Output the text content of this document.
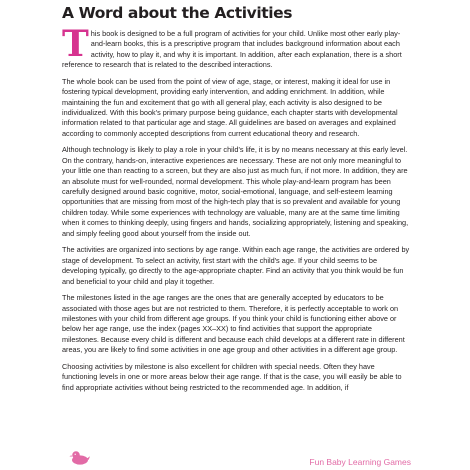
A Word about the Activities

This book is designed to be a full program of activities for your child. Unlike most other early play-and-learn books, this is a prescriptive program that includes background information about each activity, how to play it, and why it is important. In addition, after each explanation, there is a short reference to research that is related to the described interactions.

The whole book can be used from the point of view of age, stage, or interest, making it ideal for use in fostering typical development, providing early intervention, and adding enrichment. In addition, while maintaining the fun and excitement that go with all general play, each activity is also designed to be individualized. With this book's primary purpose being guidance, each chapter starts with developmental information related to that particular age and stage. All guidelines are based on averages and explained according to commonly accepted descriptions from current educational theory and research.

Although technology is likely to play a role in your child's life, it is by no means necessary at this early level. On the contrary, hands-on, interactive experiences are necessary. These are not only more meaningful to your little one than reacting to a screen, but they are also just as much fun, if not more. In addition, they are an absolute must for well-rounded, normal development. This whole play-and-learn program has been carefully designed around basic cognitive, motor, social-emotional, language, and self-esteem learning opportunities that are missing from most of the high-tech play that is so prevalent and available for young children today. While some experiences with technology are valuable, many are at the same time limiting when it comes to thinking deeply, using fingers and hands, socializing appropriately, listening and speaking, and simply feeling good about yourself from the inside out.

The activities are organized into sections by age range. Within each age range, the activities are ordered by stage of development. To select an activity, first start with the child's age. If your child seems to be developing typically, go directly to the age-appropriate chapter. Find an activity that you think would be fun and beneficial to your child and play it together.

The milestones listed in the age ranges are the ones that are generally accepted by educators to be associated with those ages but are not restricted to them. Therefore, it is perfectly acceptable to work on milestones with your child from different age groups. If you think your child is functioning either above or below her age range, use the index (pages XX–XX) to find activities that support the appropriate milestones. Because every child is different and because each child develops at a different rate in different areas, you are likely to find some activities in one age group and other activities in a different age group.

Choosing activities by milestone is also excellent for children with special needs. Often they have functioning levels in one or more areas below their age range. If that is the case, you will easily be able to find appropriate activities without being restricted to the recommended age. In addition, if

Fun Baby Learning Games
